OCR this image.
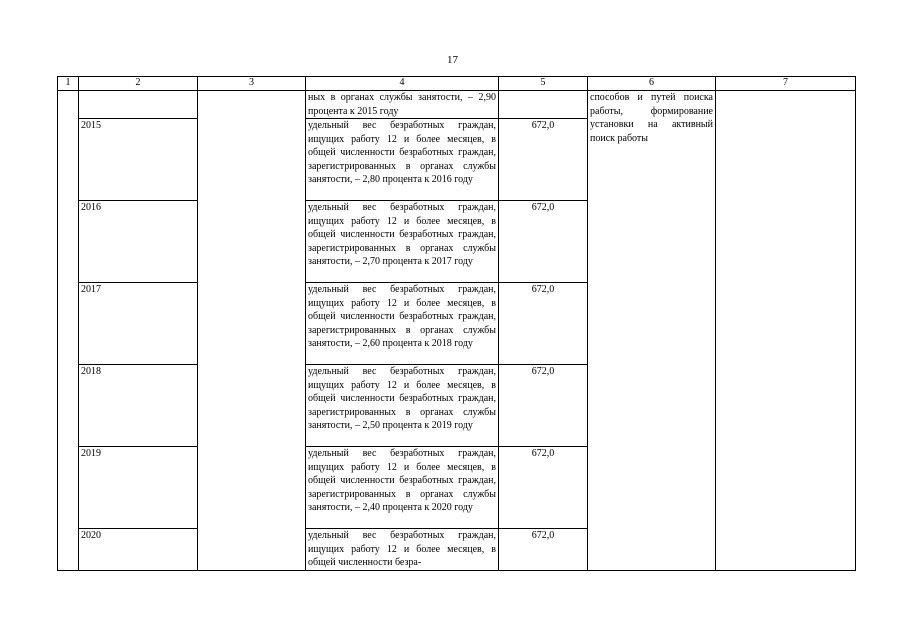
17
1	2	3	4	5	6	7
			ных в органах службы занятости, – 2,90 процента к 2015 году		способов и путей поиска работы, формирование установки на активный поиск работы	
	2015		удельный вес безработных граждан, ищущих работу 12 и более месяцев, в общей численности безработных граждан, зарегистрированных в органах службы занятости, – 2,80 процента к 2016 году	672,0		
	2016		удельный вес безработных граждан, ищущих работу 12 и более месяцев, в общей численности безработных граждан, зарегистрированных в органах службы занятости, – 2,70 процента к 2017 году	672,0		
	2017		удельный вес безработных граждан, ищущих работу 12 и более месяцев, в общей численности безработных граждан, зарегистрированных в органах службы занятости, – 2,60 процента к 2018 году	672,0		
	2018		удельный вес безработных граждан, ищущих работу 12 и более месяцев, в общей численности безработных граждан, зарегистрированных в органах службы занятости, – 2,50 процента к 2019 году	672,0		
	2019		удельный вес безработных граждан, ищущих работу 12 и более месяцев, в общей численности безработных граждан, зарегистрированных в органах службы занятости, – 2,40 процента к 2020 году	672,0		
	2020		удельный вес безработных граждан, ищущих работу 12 и более месяцев, в общей численности безра-	672,0		
